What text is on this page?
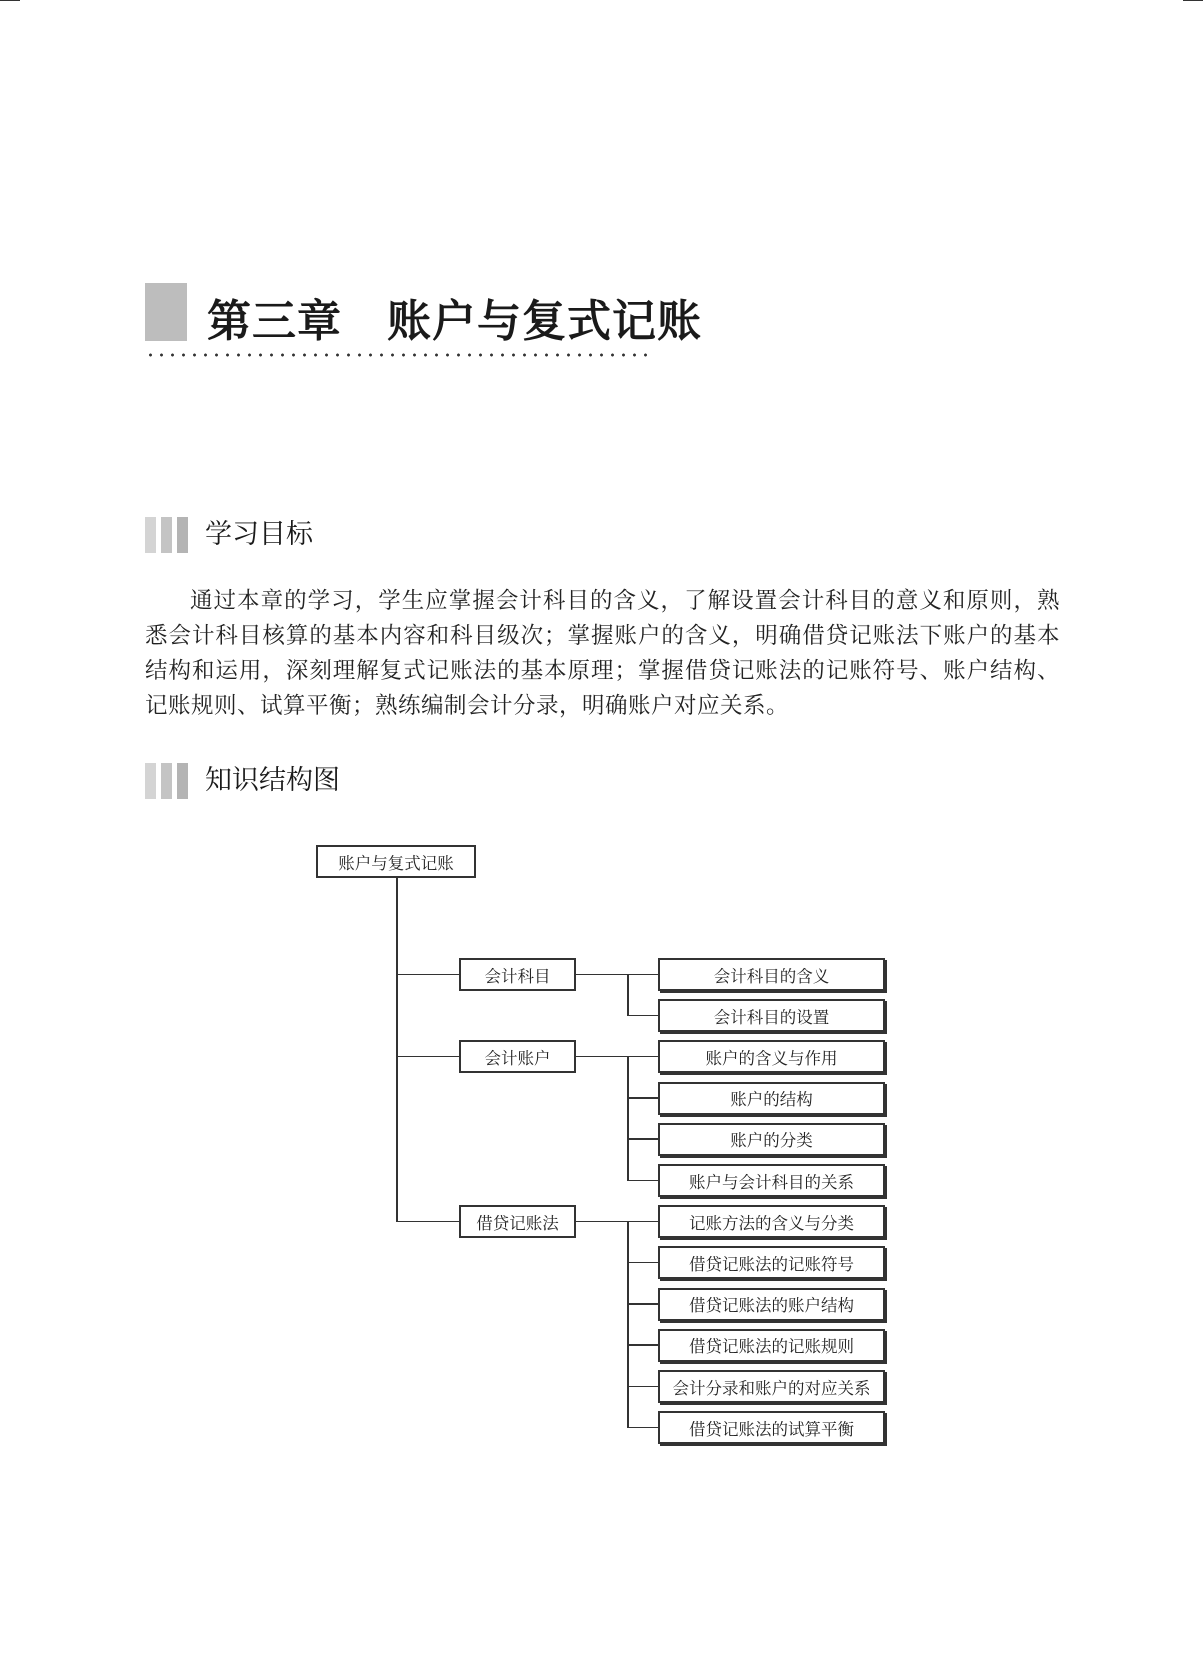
第三章　账户与复式记账
学习目标

通过本章的学习，学生应掌握会计科目的含义，了解设置会计科目的意义和原则，熟悉会计科目核算的基本内容和科目级次；掌握账户的含义，明确借贷记账法下账户的基本结构和运用，深刻理解复式记账法的基本原理；掌握借贷记账法的记账符号、账户结构、记账规则、试算平衡；熟练编制会计分录，明确账户对应关系。

知识结构图
账户与复式记账
会计科目	会计科目的含义
会计科目的设置
会计账户	账户的含义与作用
账户的结构
账户的分类
账户与会计科目的关系
借贷记账法	记账方法的含义与分类
借贷记账法的记账符号
借贷记账法的账户结构
借贷记账法的记账规则
会计分录和账户的对应关系
借贷记账法的试算平衡
